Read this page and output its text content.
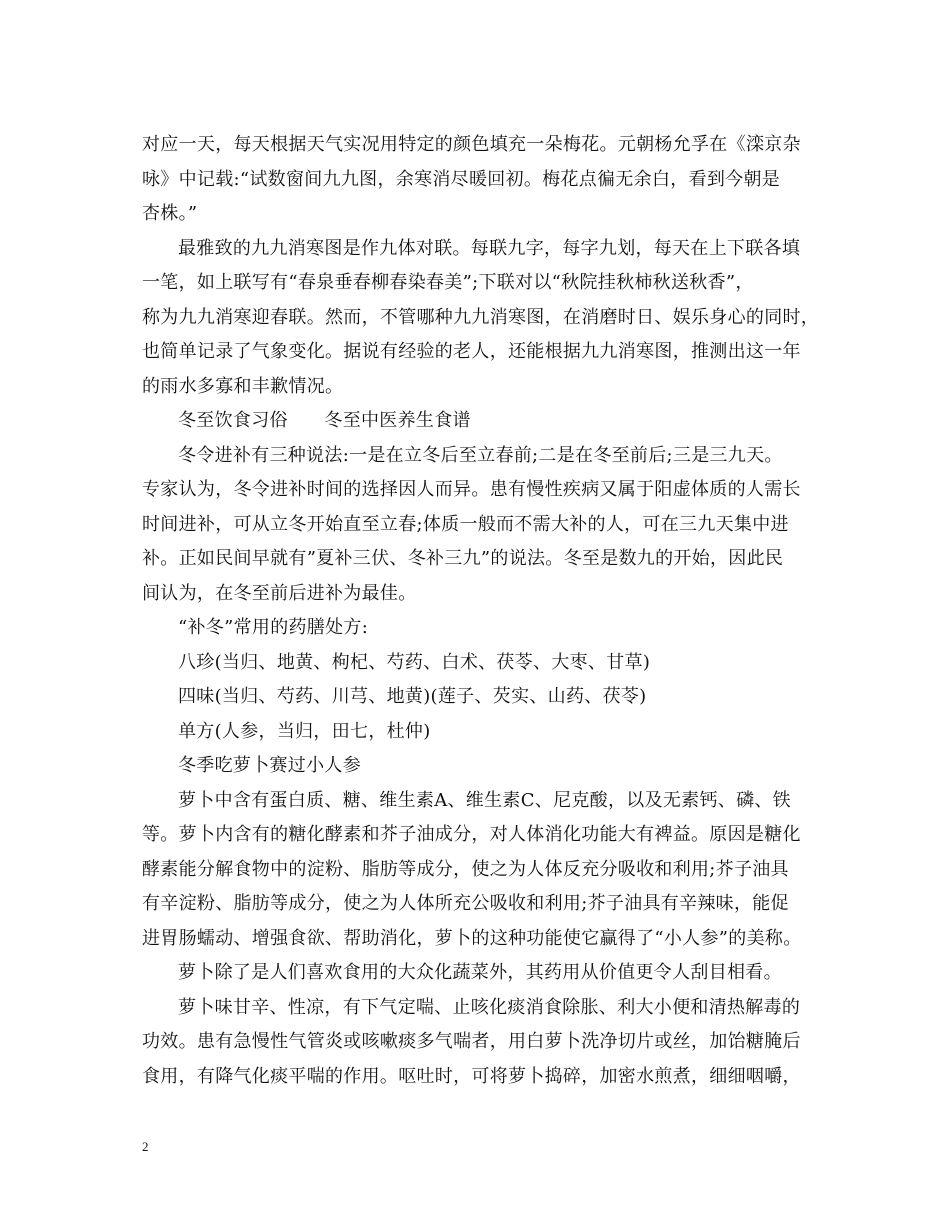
对应一天，每天根据天气实况用特定的颜色填充一朵梅花。元朝杨允孚在《滦京杂
咏》中记载:“试数窗间九九图，余寒消尽暖回初。梅花点徧无余白，看到今朝是
杏株。”
最雅致的九九消寒图是作九体对联。每联九字，每字九划，每天在上下联各填
一笔，如上联写有“春泉垂春柳春染春美”;下联对以“秋院挂秋柿秋送秋香”，
称为九九消寒迎春联。然而，不管哪种九九消寒图，在消磨时日、娱乐身心的同时，
也简单记录了气象变化。据说有经验的老人，还能根据九九消寒图，推测出这一年
的雨水多寡和丰歉情况。
冬至饮食习俗　　冬至中医养生食谱
冬令进补有三种说法:一是在立冬后至立春前;二是在冬至前后;三是三九天。
专家认为，冬令进补时间的选择因人而异。患有慢性疾病又属于阳虚体质的人需长
时间进补，可从立冬开始直至立春;体质一般而不需大补的人，可在三九天集中进
补。正如民间早就有”夏补三伏、冬补三九”的说法。冬至是数九的开始，因此民
间认为，在冬至前后进补为最佳。
“补冬”常用的药膳处方:
八珍(当归、地黄、枸杞、芍药、白术、茯苓、大枣、甘草)
四味(当归、芍药、川芎、地黄)(莲子、芡实、山药、茯苓)
单方(人参，当归，田七，杜仲)
冬季吃萝卜赛过小人参
萝卜中含有蛋白质、糖、维生素A、维生素C、尼克酸，以及无素钙、磷、铁
等。萝卜内含有的糖化酵素和芥子油成分，对人体消化功能大有裨益。原因是糖化
酵素能分解食物中的淀粉、脂肪等成分，使之为人体反充分吸收和利用;芥子油具
有辛淀粉、脂肪等成分，使之为人体所充公吸收和利用;芥子油具有辛辣味，能促
进胃肠蠕动、增强食欲、帮助消化，萝卜的这种功能使它赢得了“小人参”的美称。
萝卜除了是人们喜欢食用的大众化蔬菜外，其药用从价值更令人刮目相看。
萝卜味甘辛、性凉，有下气定喘、止咳化痰消食除胀、利大小便和清热解毒的
功效。患有急慢性气管炎或咳嗽痰多气喘者，用白萝卜洗净切片或丝，加饴糖腌后
食用，有降气化痰平喘的作用。呕吐时，可将萝卜捣碎，加密水煎煮，细细咽嚼，
2
